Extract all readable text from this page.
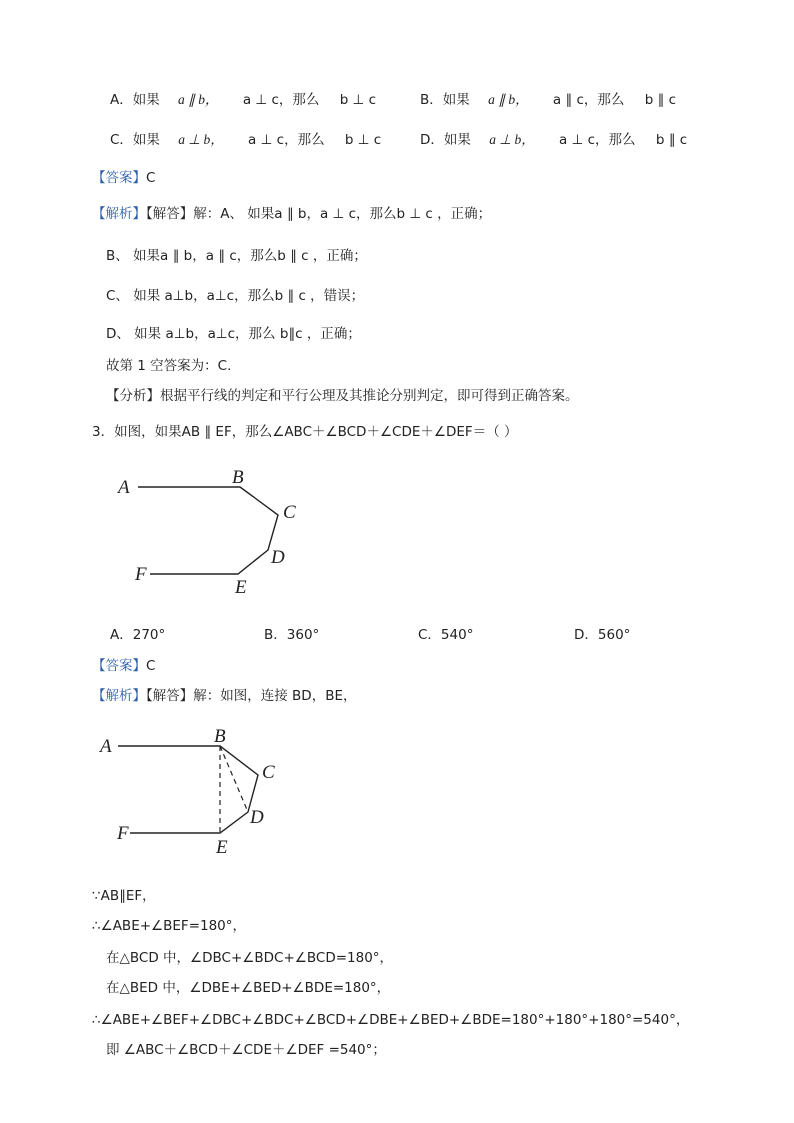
A．如果 a ∥ b， a ⊥ c，那么 b ⊥ c	B．如果 a ∥ b， a ∥ c，那么 b ∥ c
C．如果 a ⊥ b， a ⊥ c，那么 b ⊥ c	D．如果 a ⊥ b， a ⊥ c，那么 b ∥ c
【答案】C
【解析】【解答】解：A、 如果a ∥ b，a ⊥ c，那么b ⊥ c ，正确；
B、 如果a ∥ b，a ∥ c，那么b ∥ c ，正确；
C、 如果 a⊥b，a⊥c，那么b ∥ c ，错误；
D、 如果 a⊥b，a⊥c，那么 b∥c ，正确；
故第 1 空答案为：C.
【分析】根据平行线的判定和平行公理及其推论分别判定，即可得到正确答案。
3．如图，如果AB ∥ EF，那么∠ABC＋∠BCD＋∠CDE＋∠DEF＝（ ）
A	B
C
D
E
F
A．270°	B．360°	C．540°	D．560°
【答案】C
【解析】【解答】解：如图，连接 BD，BE，
A	B
C
D
E
F
∵AB∥EF，
∴∠ABE+∠BEF=180°，
在△BCD 中，∠DBC+∠BDC+∠BCD=180°，
在△BED 中，∠DBE+∠BED+∠BDE=180°，
∴∠ABE+∠BEF+∠DBC+∠BDC+∠BCD+∠DBE+∠BED+∠BDE=180°+180°+180°=540°，
即 ∠ABC＋∠BCD＋∠CDE＋∠DEF =540°；
